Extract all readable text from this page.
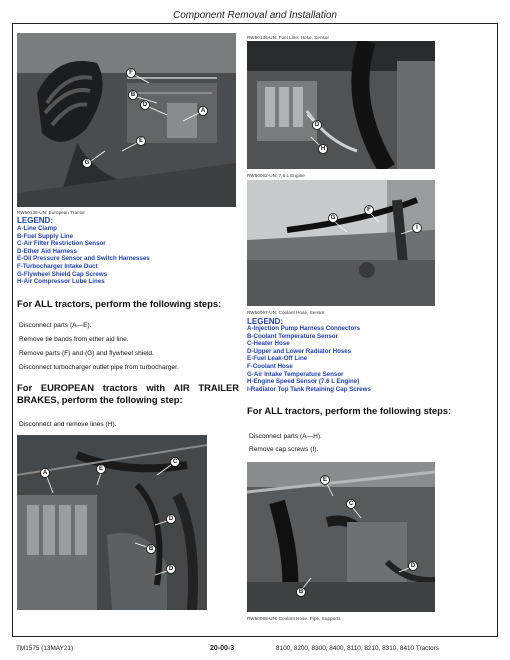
Component Removal and Installation
F
B
D
A
E
G
RW50135-UN: European Tractor
LEGEND:
A-Line Clamp
B-Fuel Supply Line
C-Air Filter Restriction Sensor
D-Ether Aid Harness
E-Oil Pressure Sensor and Switch Harnesses
F-Turbocharger Intake Duct
G-Flywheel Shield Cap Screws
H-Air Compressor Lube Lines
For ALL tractors, perform the following steps:
Disconnect parts (A—E).
Remove tie bands from ether aid line.
Remove parts (F) and (G) and flywheel shield.
Disconnect turbocharger outlet pipe from turbocharger.
For EUROPEAN tractors with AIR TRAILER BRAKES, perform the following step:
Disconnect and remove lines (H).
E
A
C
D
B
D
RW50136-UN: Fuel Line, Hose, Sensor
D
H
RW50062-UN: 7.6 L Engine
F
G
I
RW50067-UN: Coolant Hose, Sensor
LEGEND:
A-Injection Pump Harness Connectors
B-Coolant Temperature Sensor
C-Heater Hose
D-Upper and Lower Radiator Hoses
E-Fuel Leak-Off Line
F-Coolant Hose
G-Air Intake Temperature Sensor
H-Engine Speed Sensor (7.6 L Engine)
I-Radiator Top Tank Retaining Cap Screws
For ALL tractors, perform the following steps:
Disconnect parts (A—H).
Remove cap screws (I).
E
C
B
D
RW50068-UN: Coolant Hose, Pipe, Supports
TM1575 (13MAY21)	20-00-3	8100, 8200, 8300, 8400, 8110, 8210, 8310, 8410 Tractors
